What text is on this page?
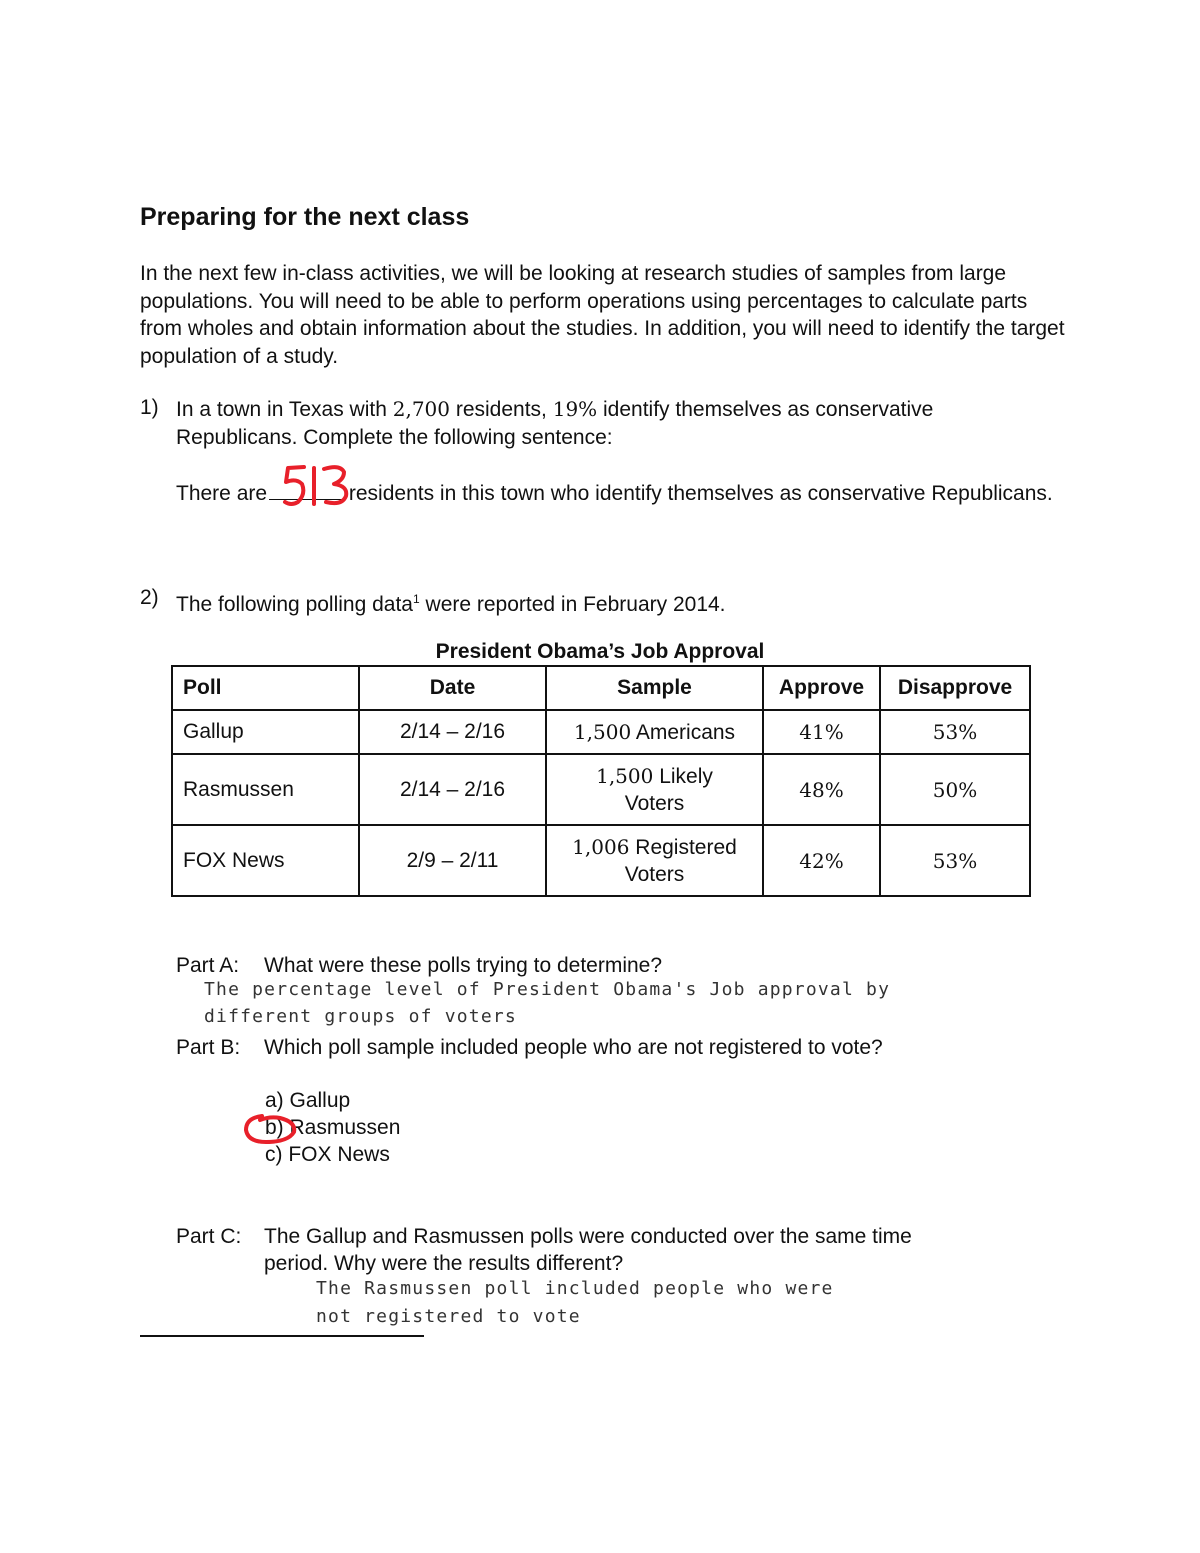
Preparing for the next class

In the next few in-class activities, we will be looking at research studies of samples from large populations. You will need to be able to perform operations using percentages to calculate parts from wholes and obtain information about the studies. In addition, you will need to identify the target population of a study.

1) In a town in Texas with 2,700 residents, 19% identify themselves as conservative Republicans. Complete the following sentence:
There are	residents in this town who identify themselves as conservative Republicans.
2) The following polling data$^1$ were reported in February 2014.
President Obama’s Job Approval
Poll	Date	Sample	Approve	Disapprove
Gallup	2/14 – 2/16	1,500 Americans	41%	53%
Rasmussen	2/14 – 2/16	1,500 Likely Voters	48%	50%
FOX News	2/9 – 2/11	1,006 Registered Voters	42%	53%
Part A: What were these polls trying to determine?
The percentage level of President Obama's Job approval by
different groups of voters
Part B: Which poll sample included people who are not registered to vote?
a) Gallup
b) Rasmussen
c) FOX News
Part C: The Gallup and Rasmussen polls were conducted over the same time
period. Why were the results different?
The Rasmussen poll included people who were
not registered to vote
